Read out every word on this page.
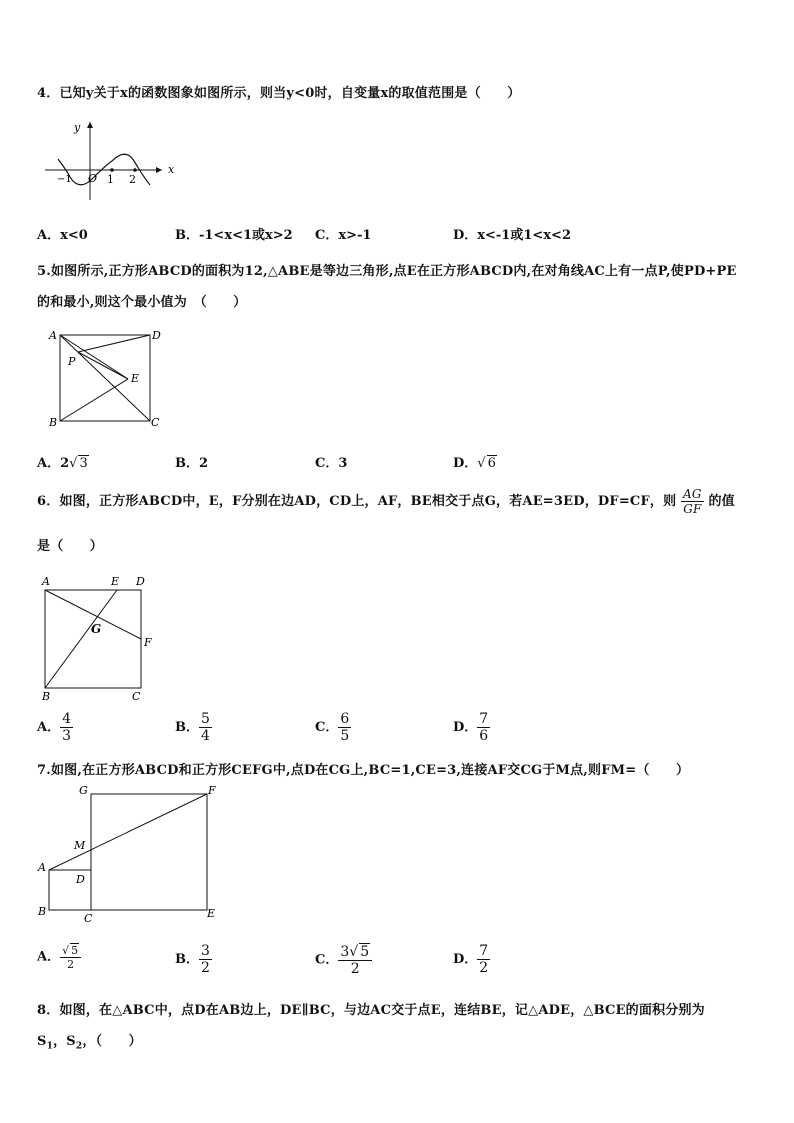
4．已知y关于x的函数图象如图所示，则当y<0时，自变量x的取值范围是（　　）
y
x
O
−1	1 2
A．x<0	B．-1<x<1或x>2 C．x>-1	D．x<-1或1<x<2
5.如图所示,正方形ABCD的面积为12,△ABE是等边三角形,点E在正方形ABCD内,在对角线AC上有一点P,使PD+PE
的和最小,则这个最小值为　（　　）
A	D
B	C
E
P
A．2√ 3	B．2	C．3	D．√ 6
6．如图，正方形ABCD中，E，F分别在边AD，CD上，AF，BE相交于点G，若AE=3ED，DF=CF，则 $\frac{AG}{GF}$ 的值
是（　　）
A	E D
F
G
B	C
A． $\frac{4}{3}$	B． $\frac{5}{4}$	C． $\frac{6}{5}$	D． $\frac{7}{6}$
7.如图,在正方形ABCD和正方形CEFG中,点D在CG上,BC=1,CE=3,连接AF交CG于M点,则FM=（　　）
G	F
M
A
D
B
C	E
A． $\frac{√ 5}{2}$	B． $\frac{3}{2}$	C． $\frac{3√ 5}{2}$	D． $\frac{7}{2}$
8．如图，在△ABC中，点D在AB边上，DE∥BC，与边AC交于点E，连结BE，记△ADE，△BCE的面积分别为
$S_1$，$S_2$，（　　）
